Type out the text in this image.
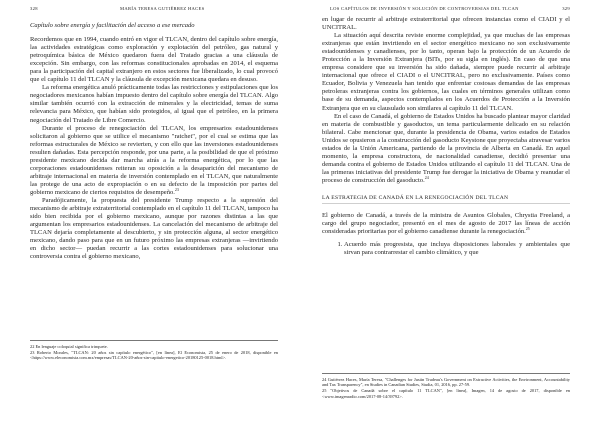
328	MARÍA TERESA GUTIÉRREZ HACES
Capítulo sobre energía y facilitación del acceso a ese mercado

Recordemos que en 1994, cuando entró en vigor el TLCAN, dentro del capítulo sobre energía, las actividades estratégicas como exploración y explotación del petróleo, gas natural y petroquímica básica de México quedaron fuera del Tratado gracias a una cláusula de excepción. Sin embargo, con las reformas constitucionales aprobadas en 2014, el esquema para la participación del capital extranjero en estos sectores fue liberalizado, lo cual provocó que el capítulo 11 del TLCAN y la cláusula de excepción mexicana quedara en desuso.

La reforma energética anuló prácticamente todas las restricciones y estipulaciones que los negociadores mexicanos habían impuesto dentro del capítulo sobre energía del TLCAN. Algo similar también ocurrió con la extracción de minerales y la electricidad, temas de suma relevancia para México, que habían sido protegidos, al igual que el petróleo, en la primera negociación del Tratado de Libre Comercio.

Durante el proceso de renegociación del TLCAN, los empresarios estadounidenses solicitaron al gobierno que se utilice el mecanismo "ratchet", por el cual se estima que las reformas estructurales de México se revierten, y con ello que las inversiones estadounidenses resulten dañadas. Esta percepción responde, por una parte, a la posibilidad de que el próximo presidente mexicano decida dar marcha atrás a la reforma energética, por lo que las corporaciones estadounidenses reiteran su oposición a la desaparición del mecanismo de arbitraje internacional en materia de inversión contemplado en el TLCAN, que naturalmente las protege de una acto de expropiación o en su defecto de la imposición por partes del gobierno mexicano de ciertos requisitos de desempeño.$^{23}$

Paradójicamente, la propuesta del presidente Trump respecto a la supresión del mecanismo de arbitraje extraterritorial contemplado en el capítulo 11 del TLCAN, tampoco ha sido bien recibida por el gobierno mexicano, aunque por razones distintas a las que argumentan los empresarios estadounidenses. La cancelación del mecanismo de arbitraje del TLCAN dejaría completamente al descubierto, y sin protección alguna, al sector energético mexicano, dando paso para que en un futuro próximo las empresas extranjeras —invirtiendo en dicho sector— puedan recurrir a las cortes estadounidenses para solucionar una controversia contra el gobierno mexicano,

22 En lenguaje coloquial significa trinquete.
23 Roberto Morales, "TLCAN: 20 años sin capítulo energético", [en línea], El Economista, 25 de enero de 2018, disponible en <https://www.eleconomista.com.mx/empresas/TLCAN-20-años-sin-capitulo-energetico-20180125-0018.html>.
LOS CAPÍTULOS DE INVERSIÓN Y SOLUCIÓN DE CONTROVERSIAS DEL TLCAN	329

en lugar de recurrir al arbitraje extraterritorial que ofrecen instancias como el CIADI y el UNCITRAL.

La situación aquí descrita reviste enorme complejidad, ya que muchas de las empresas extranjeras que están invirtiendo en el sector energético mexicano no son exclusivamente estadounidenses y canadienses, por lo tanto, operan bajo la protección de un Acuerdo de Protección a la Inversión Extranjera (BITs, por su sigla en inglés). En caso de que una empresa considere que su inversión ha sido dañada, siempre puede recurrir al arbitraje internacional que ofrece el CIADI o el UNCITRAL, pero no exclusivamente. Países como Ecuador, Bolivia y Venezuela han tenido que enfrentar costosas demandas de las empresas petroleras extranjeras contra los gobiernos, las cuales en términos generales utilizan como base de su demanda, aspectos contemplados en los Acuerdos de Protección a la Inversión Extranjera que en su clausulado son similares al capítulo 11 del TLCAN.

En el caso de Canadá, el gobierno de Estados Unidos ha buscado plantear mayor claridad en materia de combustible y gasoductos, un tema particularmente delicado en su relación bilateral. Cabe mencionar que, durante la presidencia de Obama, varios estados de Estados Unidos se opusieron a la construcción del gasoducto Keystone que proyectaba atravesar varios estados de la Unión Americana, partiendo de la provincia de Alberta en Canadá. En aquel momento, la empresa constructora, de nacionalidad canadiense, decidió presentar una demanda contra el gobierno de Estados Unidos utilizando el capítulo 11 del TLCAN. Una de las primeras iniciativas del presidente Trump fue derogar la iniciativa de Obama y reanudar el proceso de construcción del gasoducto.$^{24}$

LA ESTRATEGIA DE CANADÁ EN LA RENEGOCIACIÓN DEL TLCAN

El gobierno de Canadá, a través de la ministra de Asuntos Globales, Chrystia Freeland, a cargo del grupo negociador, presentó en el mes de agosto de 2017 las líneas de acción consideradas prioritarias por el gobierno canadiense durante la renegociación.$^{25}$

1. Acuerdo más progresista, que incluya disposiciones laborales y ambientales que sirvan para contrarrestar el cambio climático, y que
24 Gutiérrez Haces, María Teresa, "Challenges for Justin Trudeau's Government on Extractive Activities, the Environment, Accountability and Tax Transparency", en Studies in Canadian Studies, Studia, 01, 2016, pp. 27-59.
25 "Objetivos de Canadá sobre el capítulo 11 TLCAN", [en línea], Imagen, 14 de agosto de 2017, disponible en <www.imagenradio.com/2017-08-14/39792>.
